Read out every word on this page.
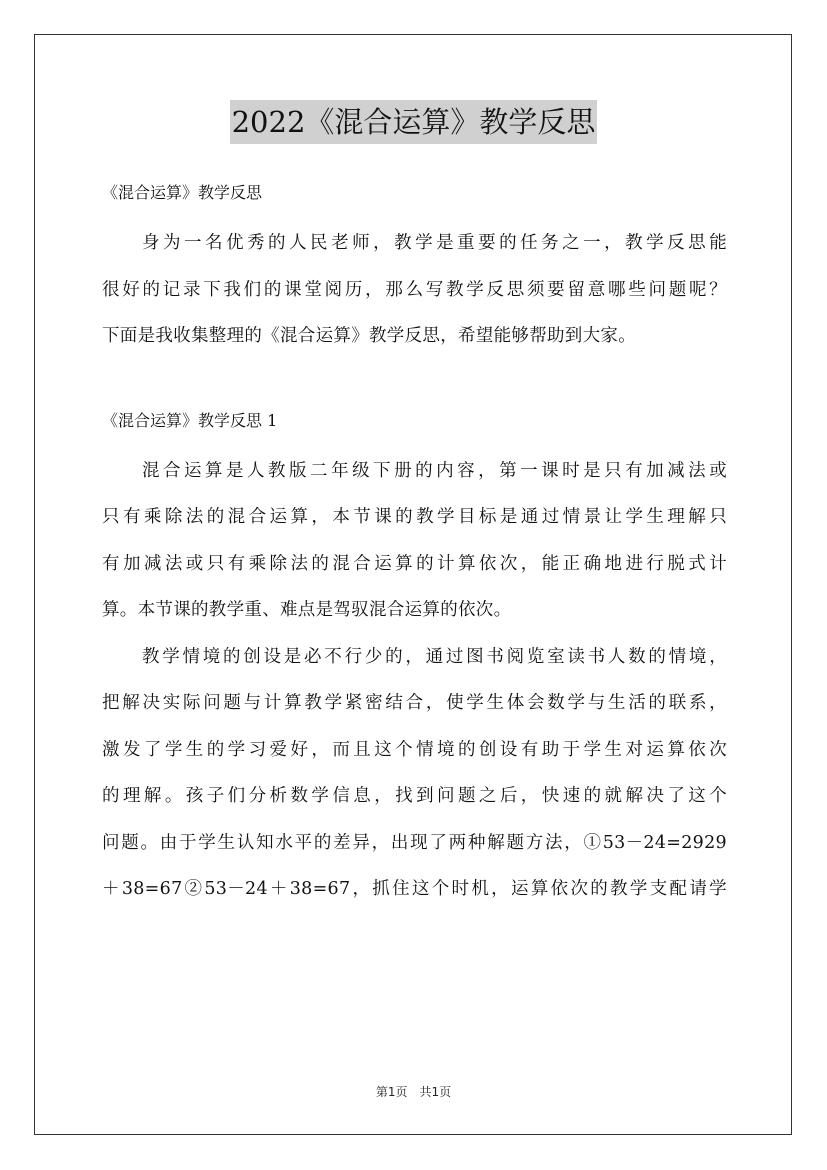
2022《混合运算》教学反思

《混合运算》教学反思

身为一名优秀的人民老师，教学是重要的任务之一，教学反思能
很好的记录下我们的课堂阅历，那么写教学反思须要留意哪些问题呢？
下面是我收集整理的《混合运算》教学反思，希望能够帮助到大家。

《混合运算》教学反思 1

混合运算是人教版二年级下册的内容，第一课时是只有加减法或
只有乘除法的混合运算，本节课的教学目标是通过情景让学生理解只
有加减法或只有乘除法的混合运算的计算依次，能正确地进行脱式计
算。本节课的教学重、难点是驾驭混合运算的依次。

教学情境的创设是必不行少的，通过图书阅览室读书人数的情境，
把解决实际问题与计算教学紧密结合，使学生体会数学与生活的联系，
激发了学生的学习爱好，而且这个情境的创设有助于学生对运算依次
的理解。孩子们分析数学信息，找到问题之后，快速的就解决了这个
问题。由于学生认知水平的差异，出现了两种解题方法，①53－24=2929
＋38=67②53－24＋38=67，抓住这个时机，运算依次的教学支配请学

第1页　共1页
